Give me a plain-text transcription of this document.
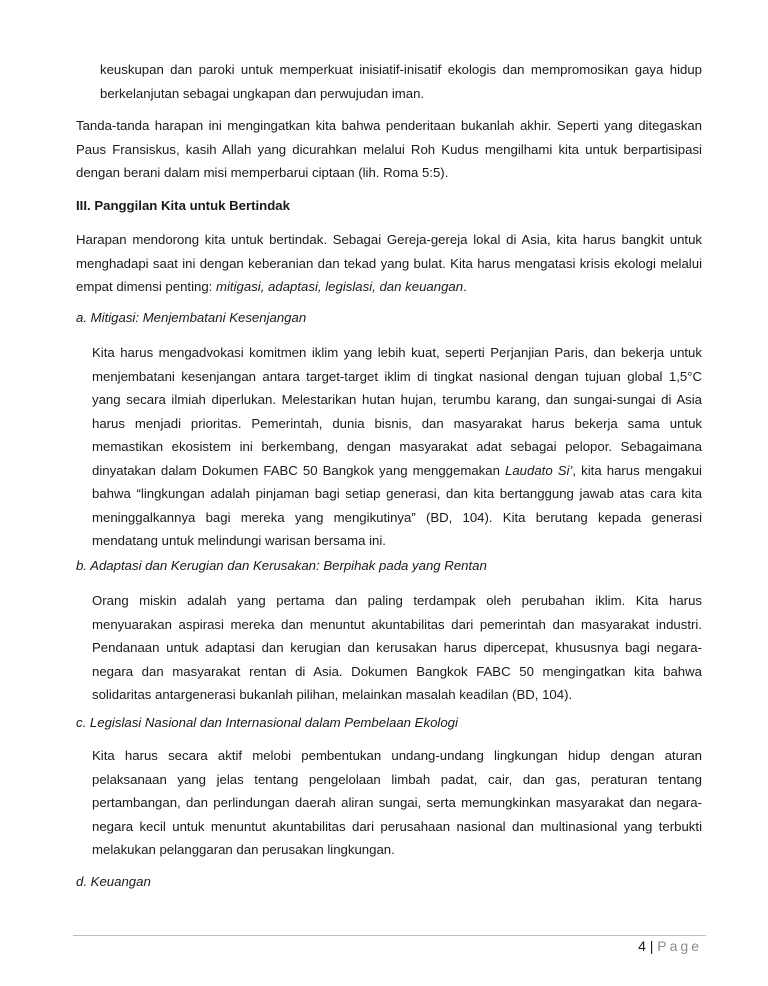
keuskupan dan paroki untuk memperkuat inisiatif-inisatif ekologis dan mempromosikan gaya hidup berkelanjutan sebagai ungkapan dan perwujudan iman.

Tanda-tanda harapan ini mengingatkan kita bahwa penderitaan bukanlah akhir. Seperti yang ditegaskan Paus Fransiskus, kasih Allah yang dicurahkan melalui Roh Kudus mengilhami kita untuk berpartisipasi dengan berani dalam misi memperbarui ciptaan (lih. Roma 5:5).

III. Panggilan Kita untuk Bertindak

Harapan mendorong kita untuk bertindak. Sebagai Gereja-gereja lokal di Asia, kita harus bangkit untuk menghadapi saat ini dengan keberanian dan tekad yang bulat. Kita harus mengatasi krisis ekologi melalui empat dimensi penting: mitigasi, adaptasi, legislasi, dan keuangan.

a. Mitigasi: Menjembatani Kesenjangan

Kita harus mengadvokasi komitmen iklim yang lebih kuat, seperti Perjanjian Paris, dan bekerja untuk menjembatani kesenjangan antara target-target iklim di tingkat nasional dengan tujuan global 1,5°C yang secara ilmiah diperlukan. Melestarikan hutan hujan, terumbu karang, dan sungai-sungai di Asia harus menjadi prioritas. Pemerintah, dunia bisnis, dan masyarakat harus bekerja sama untuk memastikan ekosistem ini berkembang, dengan masyarakat adat sebagai pelopor. Sebagaimana dinyatakan dalam Dokumen FABC 50 Bangkok yang menggemakan Laudato Si’, kita harus mengakui bahwa “lingkungan adalah pinjaman bagi setiap generasi, dan kita bertanggung jawab atas cara kita meninggalkannya bagi mereka yang mengikutinya” (BD, 104). Kita berutang kepada generasi mendatang untuk melindungi warisan bersama ini.

b. Adaptasi dan Kerugian dan Kerusakan: Berpihak pada yang Rentan

Orang miskin adalah yang pertama dan paling terdampak oleh perubahan iklim. Kita harus menyuarakan aspirasi mereka dan menuntut akuntabilitas dari pemerintah dan masyarakat industri. Pendanaan untuk adaptasi dan kerugian dan kerusakan harus dipercepat, khususnya bagi negara-negara dan masyarakat rentan di Asia. Dokumen Bangkok FABC 50 mengingatkan kita bahwa solidaritas antargenerasi bukanlah pilihan, melainkan masalah keadilan (BD, 104).

c. Legislasi Nasional dan Internasional dalam Pembelaan Ekologi

Kita harus secara aktif melobi pembentukan undang-undang lingkungan hidup dengan aturan pelaksanaan yang jelas tentang pengelolaan limbah padat, cair, dan gas, peraturan tentang pertambangan, dan perlindungan daerah aliran sungai, serta memungkinkan masyarakat dan negara-negara kecil untuk menuntut akuntabilitas dari perusahaan nasional dan multinasional yang terbukti melakukan pelanggaran dan perusakan lingkungan.

d. Keuangan

4 | Page
